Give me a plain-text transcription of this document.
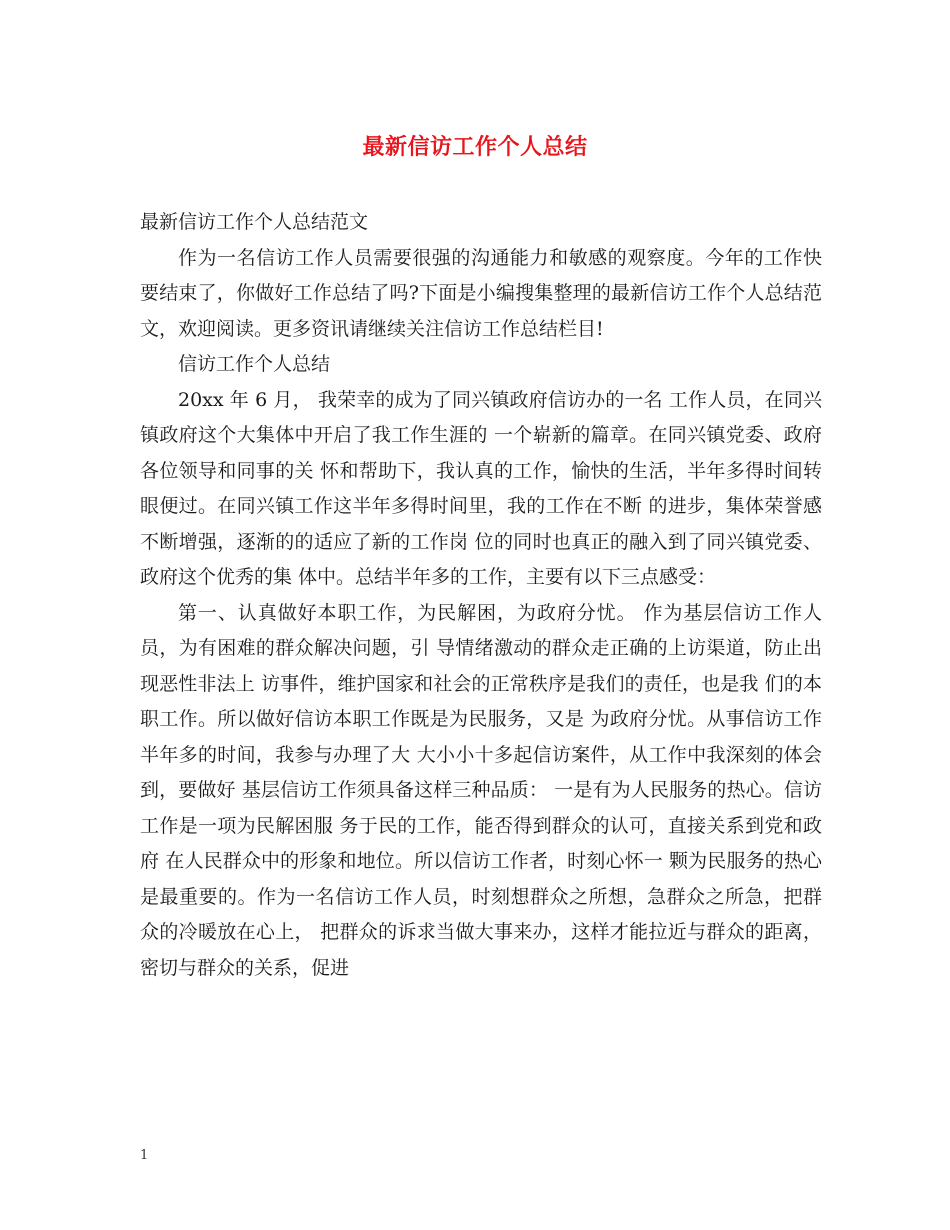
最新信访工作个人总结

最新信访工作个人总结范文

作为一名信访工作人员需要很强的沟通能力和敏感的观察度。今年的工作快要结束了，你做好工作总结了吗?下面是小编搜集整理的最新信访工作个人总结范文，欢迎阅读。更多资讯请继续关注信访工作总结栏目!

信访工作个人总结

20xx 年 6 月， 我荣幸的成为了同兴镇政府信访办的一名 工作人员，在同兴镇政府这个大集体中开启了我工作生涯的 一个崭新的篇章。在同兴镇党委、政府各位领导和同事的关 怀和帮助下，我认真的工作，愉快的生活，半年多得时间转 眼便过。在同兴镇工作这半年多得时间里，我的工作在不断 的进步，集体荣誉感不断增强，逐渐的的适应了新的工作岗 位的同时也真正的融入到了同兴镇党委、政府这个优秀的集 体中。总结半年多的工作，主要有以下三点感受：

第一、认真做好本职工作，为民解困，为政府分忧。 作为基层信访工作人员，为有困难的群众解决问题，引 导情绪激动的群众走正确的上访渠道，防止出现恶性非法上 访事件，维护国家和社会的正常秩序是我们的责任，也是我 们的本职工作。所以做好信访本职工作既是为民服务，又是 为政府分忧。从事信访工作半年多的时间，我参与办理了大 大小小十多起信访案件，从工作中我深刻的体会到，要做好 基层信访工作须具备这样三种品质： 一是有为人民服务的热心。信访工作是一项为民解困服 务于民的工作，能否得到群众的认可，直接关系到党和政府 在人民群众中的形象和地位。所以信访工作者，时刻心怀一 颗为民服务的热心是最重要的。作为一名信访工作人员，时刻想群众之所想，急群众之所急，把群众的冷暖放在心上， 把群众的诉求当做大事来办，这样才能拉近与群众的距离， 密切与群众的关系，促进

1
